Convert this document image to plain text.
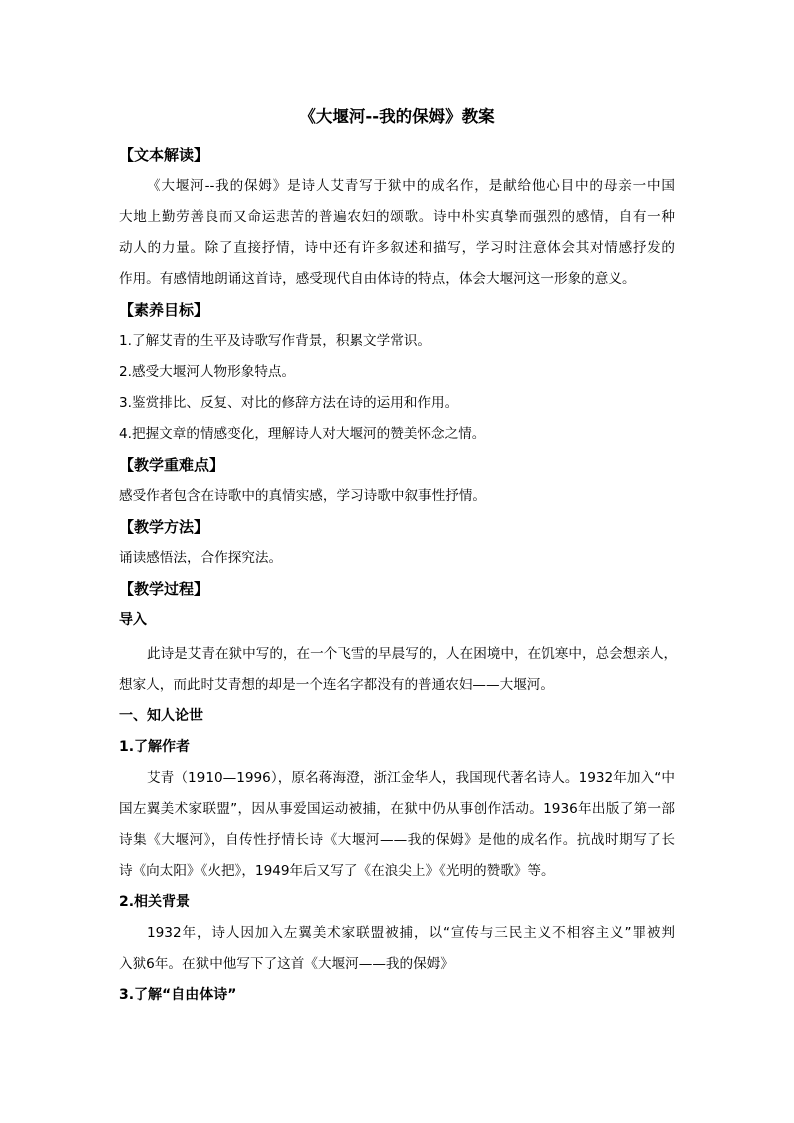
《大堰河--我的保姆》教案
【文本解读】
《大堰河--我的保姆》是诗人艾青写于狱中的成名作，是献给他心目中的母亲一中国
大地上勤劳善良而又命运悲苦的普遍农妇的颂歌。诗中朴实真挚而强烈的感情，自有一种
动人的力量。除了直接抒情，诗中还有许多叙述和描写，学习时注意体会其对情感抒发的
作用。有感情地朗诵这首诗，感受现代自由体诗的特点，体会大堰河这一形象的意义。
【素养目标】
1.了解艾青的生平及诗歌写作背景，积累文学常识。
2.感受大堰河人物形象特点。
3.鉴赏排比、反复、对比的修辞方法在诗的运用和作用。
4.把握文章的情感变化，理解诗人对大堰河的赞美怀念之情。
【教学重难点】
感受作者包含在诗歌中的真情实感，学习诗歌中叙事性抒情。
【教学方法】
诵读感悟法，合作探究法。
【教学过程】
导入
此诗是艾青在狱中写的，在一个飞雪的早晨写的，人在困境中，在饥寒中，总会想亲人，
想家人，而此时艾青想的却是一个连名字都没有的普通农妇——大堰河。
一、知人论世
1.了解作者
艾青（1910—1996），原名蒋海澄，浙江金华人，我国现代著名诗人。1932年加入“中
国左翼美术家联盟”，因从事爱国运动被捕，在狱中仍从事创作活动。1936年出版了第一部
诗集《大堰河》，自传性抒情长诗《大堰河——我的保姆》是他的成名作。抗战时期写了长
诗《向太阳》《火把》，1949年后又写了《在浪尖上》《光明的赞歌》等。
2.相关背景
1932年，诗人因加入左翼美术家联盟被捕，以“宣传与三民主义不相容主义”罪被判
入狱6年。在狱中他写下了这首《大堰河——我的保姆》
3.了解“自由体诗”
